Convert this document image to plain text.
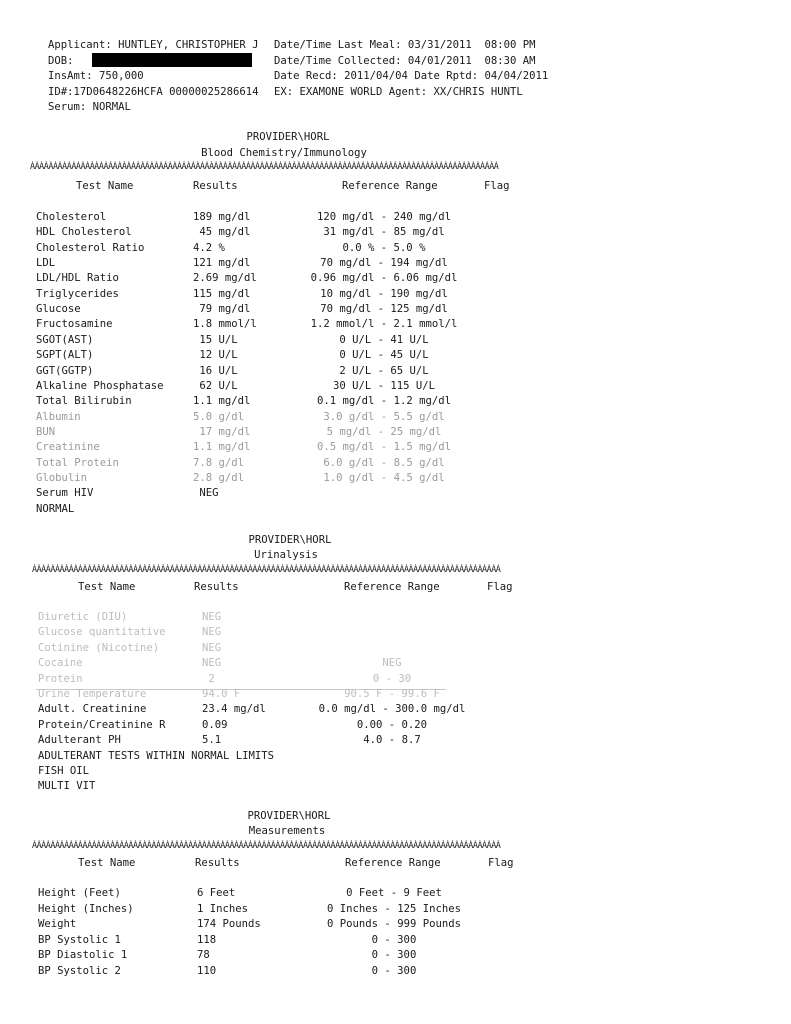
Applicant: HUNTLEY, CHRISTOPHER J
DOB:
InsAmt: 750,000
ID#:17D0648226HCFA 00000025286614
Serum: NORMAL
Date/Time Last Meal: 03/31/2011  08:00 PM
Date/Time Collected: 04/01/2011  08:30 AM
Date Recd: 2011/04/04 Date Rptd: 04/04/2011
EX: EXAMONE WORLD Agent: XX/CHRIS HUNTL
PROVIDER\HORL
Blood Chemistry/Immunology
ÀÀÀÀÀÀÀÀÀÀÀÀÀÀÀÀÀÀÀÀÀÀÀÀÀÀÀÀÀÀÀÀÀÀÀÀÀÀÀÀÀÀÀÀÀÀÀÀÀÀÀÀÀÀÀÀÀÀÀÀÀÀÀÀÀÀÀÀÀÀÀÀÀÀÀÀÀÀÀÀÀÀÀÀÀÀÀÀÀÀÀÀÀÀÀÀÀÀÀÀÀÀ
Test Name	Results	Reference Range	Flag
Cholesterol	189 mg/dl	120 mg/dl - 240 mg/dl
HDL Cholesterol	45 mg/dl	31 mg/dl - 85 mg/dl
Cholesterol Ratio	4.2 %	0.0 % - 5.0 %
LDL	121 mg/dl	70 mg/dl - 194 mg/dl
LDL/HDL Ratio	2.69 mg/dl	0.96 mg/dl - 6.06 mg/dl
Triglycerides	115 mg/dl	10 mg/dl - 190 mg/dl
Glucose	79 mg/dl	70 mg/dl - 125 mg/dl
Fructosamine	1.8 mmol/l	1.2 mmol/l - 2.1 mmol/l
SGOT(AST)	15 U/L	0 U/L - 41 U/L
SGPT(ALT)	12 U/L	0 U/L - 45 U/L
GGT(GGTP)	16 U/L	2 U/L - 65 U/L
Alkaline Phosphatase	62 U/L	30 U/L - 115 U/L
Total Bilirubin	1.1 mg/dl	0.1 mg/dl - 1.2 mg/dl
Albumin	5.0 g/dl	3.0 g/dl - 5.5 g/dl
BUN	17 mg/dl	5 mg/dl - 25 mg/dl
Creatinine	1.1 mg/dl	0.5 mg/dl - 1.5 mg/dl
Total Protein	7.8 g/dl	6.0 g/dl - 8.5 g/dl
Globulin	2.8 g/dl	1.0 g/dl - 4.5 g/dl
Serum HIV	NEG
NORMAL
PROVIDER\HORL
Urinalysis
ÀÀÀÀÀÀÀÀÀÀÀÀÀÀÀÀÀÀÀÀÀÀÀÀÀÀÀÀÀÀÀÀÀÀÀÀÀÀÀÀÀÀÀÀÀÀÀÀÀÀÀÀÀÀÀÀÀÀÀÀÀÀÀÀÀÀÀÀÀÀÀÀÀÀÀÀÀÀÀÀÀÀÀÀÀÀÀÀÀÀÀÀÀÀÀÀÀÀÀÀÀÀ
Test Name	Results	Reference Range	Flag
Diuretic (DIU)	NEG
Glucose quantitative	NEG
Cotinine (Nicotine)	NEG
Cocaine	NEG	NEG
Protein	2	0 - 30
Urine Temperature	94.0 F	90.5 F - 99.6 F
Adult. Creatinine	23.4 mg/dl	0.0 mg/dl - 300.0 mg/dl
Protein/Creatinine R	0.09	0.00 - 0.20
Adulterant PH	5.1	4.0 - 8.7
ADULTERANT TESTS WITHIN NORMAL LIMITS
FISH OIL
MULTI VIT
PROVIDER\HORL
Measurements
ÀÀÀÀÀÀÀÀÀÀÀÀÀÀÀÀÀÀÀÀÀÀÀÀÀÀÀÀÀÀÀÀÀÀÀÀÀÀÀÀÀÀÀÀÀÀÀÀÀÀÀÀÀÀÀÀÀÀÀÀÀÀÀÀÀÀÀÀÀÀÀÀÀÀÀÀÀÀÀÀÀÀÀÀÀÀÀÀÀÀÀÀÀÀÀÀÀÀÀÀÀÀ
Test Name	Results	Reference Range	Flag
Height (Feet)	6 Feet	0 Feet - 9 Feet
Height (Inches)	1 Inches	0 Inches - 125 Inches
Weight	174 Pounds	0 Pounds - 999 Pounds
BP Systolic 1	118	0 - 300
BP Diastolic 1	78	0 - 300
BP Systolic 2	110	0 - 300
